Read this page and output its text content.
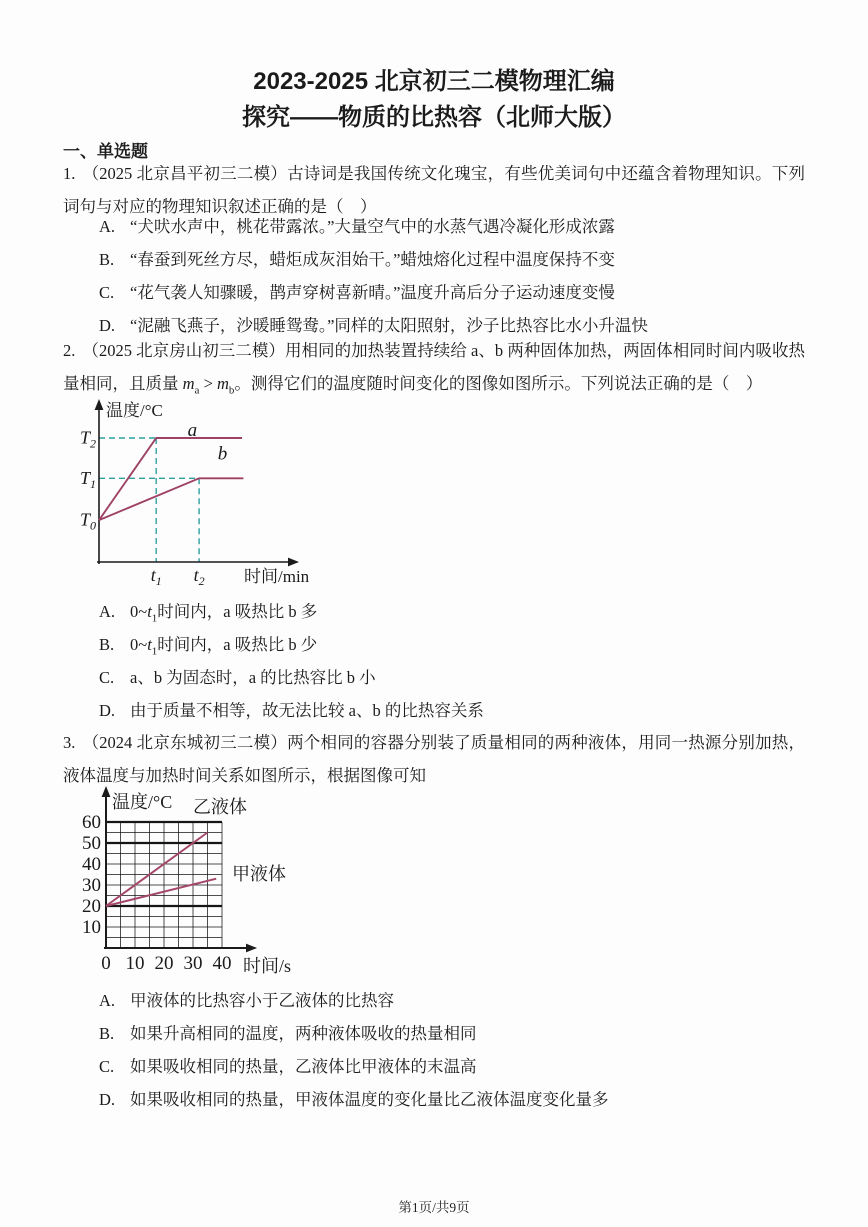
2023-2025 北京初三二模物理汇编
探究——物质的比热容（北师大版）
一、单选题

1. （2025 北京昌平初三二模）古诗词是我国传统文化瑰宝，有些优美词句中还蕴含着物理知识。下列词句与对应的物理知识叙述正确的是（　）

A. “犬吠水声中，桃花带露浓。”大量空气中的水蒸气遇冷凝化形成浓露
B. “春蚕到死丝方尽，蜡炬成灰泪始干。”蜡烛熔化过程中温度保持不变
C. “花气袭人知骤暖，鹊声穿树喜新晴。”温度升高后分子运动速度变慢
D. “泥融飞燕子，沙暖睡鸳鸯。”同样的太阳照射，沙子比热容比水小升温快

2. （2025 北京房山初三二模）用相同的加热装置持续给 a、b 两种固体加热，两固体相同时间内吸收热量相同，且质量 $m_a > m_b$。测得它们的温度随时间变化的图像如图所示。下列说法正确的是（　）

a
b
$T_2$
$T_1$
$T_0$
$t_1$ $t_2$
温度/°C
时间/min
A. $0\sim t_1$时间内，a 吸热比 b 多
B. $0\sim t_1$时间内，a 吸热比 b 少
C. a、b 为固态时，a 的比热容比 b 小
D. 由于质量不相等，故无法比较 a、b 的比热容关系

3. （2024 北京东城初三二模）两个相同的容器分别装了质量相同的两种液体，用同一热源分别加热，液体温度与加热时间关系如图所示，根据图像可知

乙液体
甲液体
0 10 20 30 40
10
20
30
40
50
60
温度/°C
时间/s
A. 甲液体的比热容小于乙液体的比热容
B. 如果升高相同的温度，两种液体吸收的热量相同
C. 如果吸收相同的热量，乙液体比甲液体的末温高
D. 如果吸收相同的热量，甲液体温度的变化量比乙液体温度变化量多
第1页/共9页
